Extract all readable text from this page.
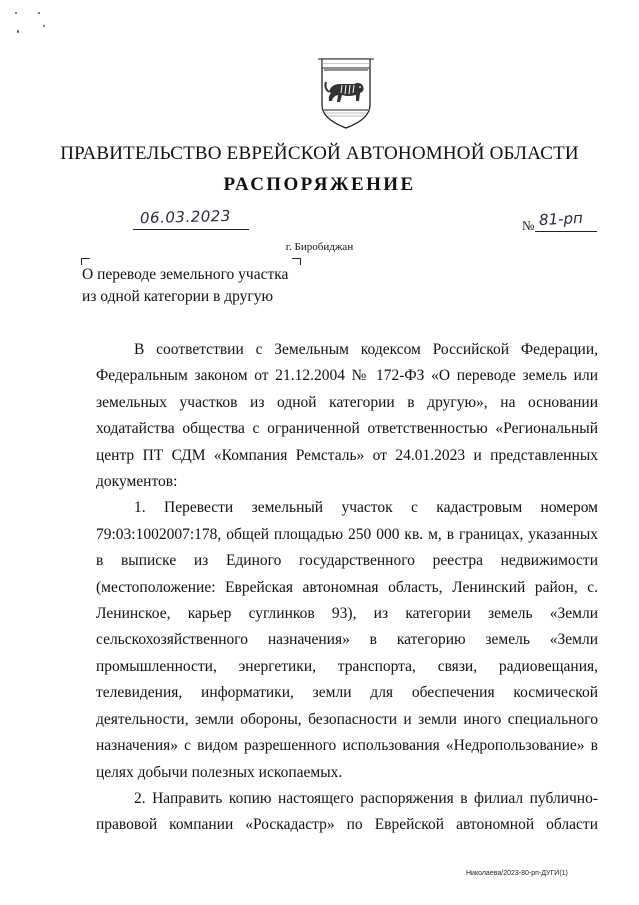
ПРАВИТЕЛЬСТВО ЕВРЕЙСКОЙ АВТОНОМНОЙ ОБЛАСТИ
РАСПОРЯЖЕНИЕ
06.03.2023	№ 81-рп
г. Биробиджан
О переводе земельного участка
из одной категории в другую

В соответствии с Земельным кодексом Российской Федерации, Федеральным законом от 21.12.2004 № 172-ФЗ «О переводе земель или земельных участков из одной категории в другую», на основании ходатайства общества с ограниченной ответственностью «Региональный центр ПТ СДМ «Компания Ремсталь» от 24.01.2023 и представленных документов:

1. Перевести земельный участок с кадастровым номером 79:03:1002007:178, общей площадью 250 000 кв. м, в границах, указанных в выписке из Единого государственного реестра недвижимости (местоположение: Еврейская автономная область, Ленинский район, с. Ленинское, карьер суглинков 93), из категории земель «Земли сельскохозяйственного назначения» в категорию земель «Земли промышленности, энергетики, транспорта, связи, радиовещания, телевидения, информатики, земли для обеспечения космической деятельности, земли обороны, безопасности и земли иного специального назначения» с видом разрешенного использования «Недропользование» в целях добычи полезных ископаемых.

2. Направить копию настоящего распоряжения в филиал публично-правовой компании «Роскадастр» по Еврейской автономной области

Николаева/2023-80-рп-ДУГИ(1)
